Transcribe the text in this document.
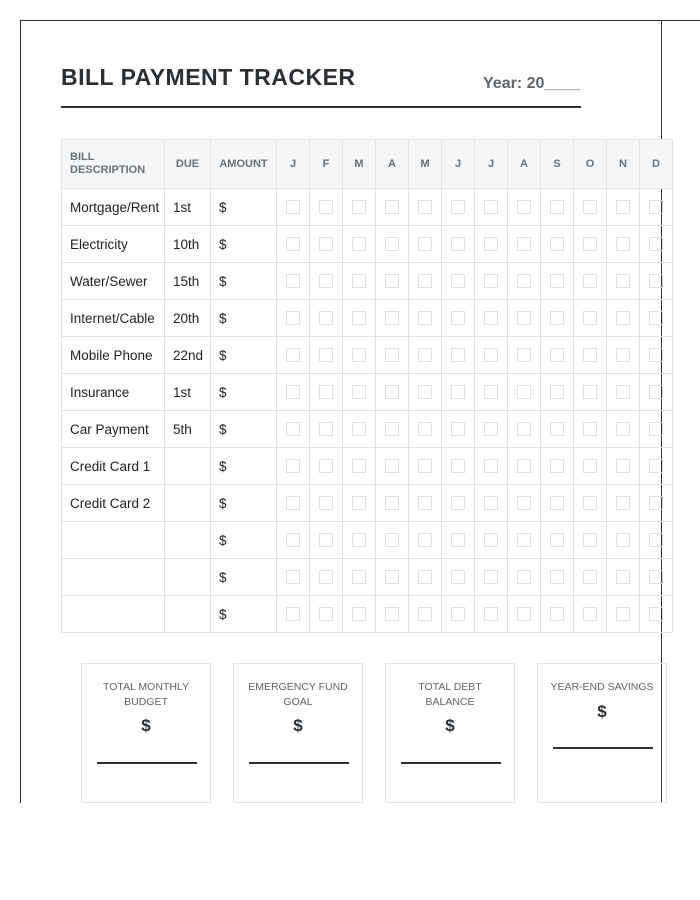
BILL PAYMENT TRACKER	Year: 20____
BILL DESCRIPTION	DUE	AMOUNT	J	F	M	A	M	J	J	A	S	O	N	D
Mortgage/Rent	1st	$												
Electricity	10th	$												
Water/Sewer	15th	$												
Internet/Cable	20th	$												
Mobile Phone	22nd	$												
Insurance	1st	$												
Car Payment	5th	$												
Credit Card 1		$												
Credit Card 2		$												
		$												
		$												
		$												
TOTAL MONTHLY BUDGET
$
EMERGENCY FUND GOAL
$
TOTAL DEBT BALANCE
$
YEAR-END SAVINGS
$
